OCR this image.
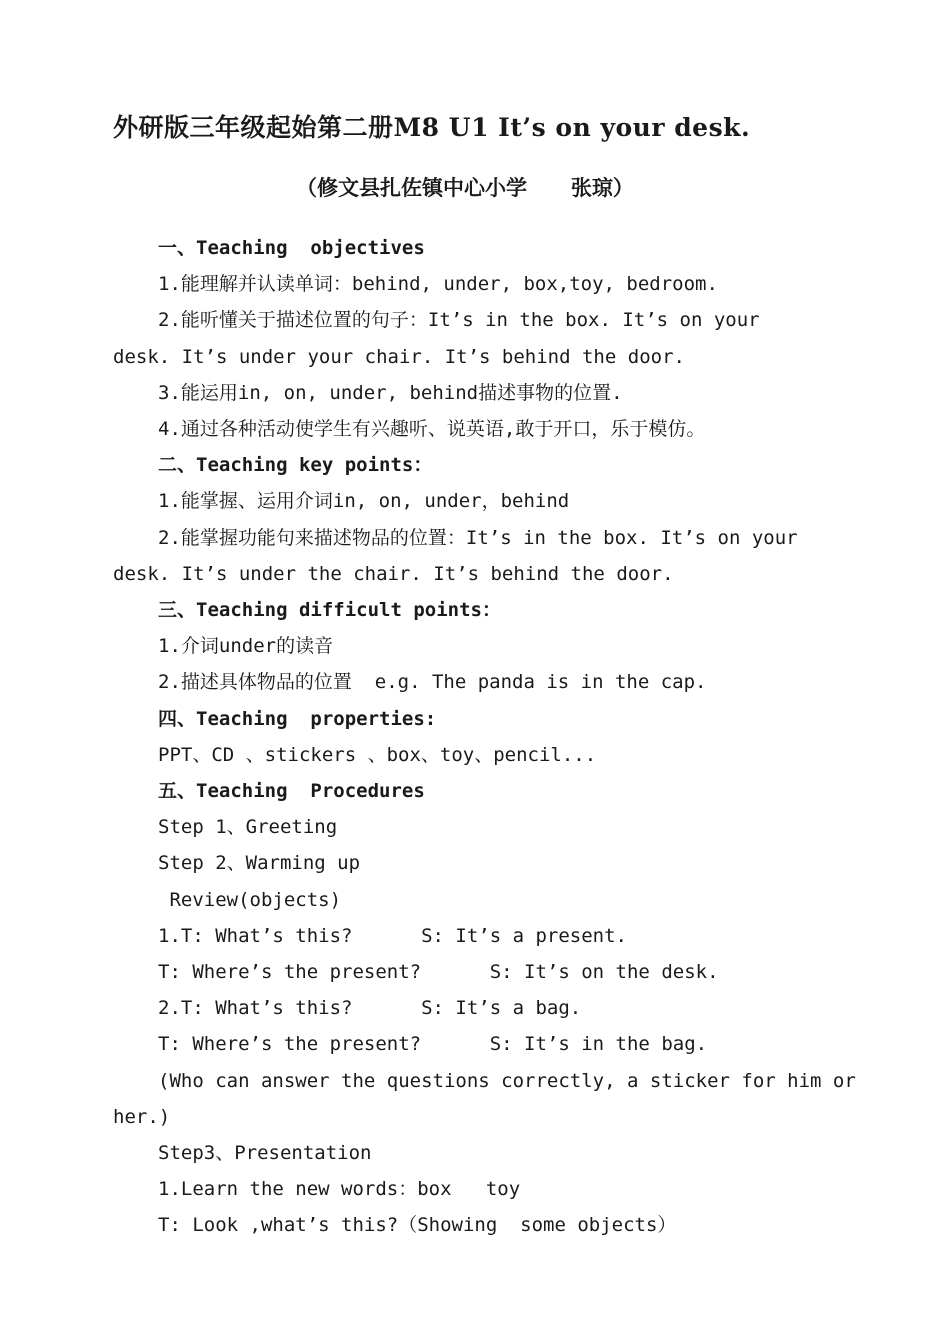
外研版三年级起始第二册M8 U1 It’s on your desk.
（修文县扎佐镇中心小学      张琼）
一、Teaching  objectives
1.能理解并认读单词：behind, under, box,toy, bedroom.
2.能听懂关于描述位置的句子：It’s in the box. It’s on your
desk. It’s under your chair. It’s behind the door.
3.能运用in, on, under, behind描述事物的位置.
4.通过各种活动使学生有兴趣听、说英语,敢于开口，乐于模仿。
二、Teaching key points：
1.能掌握、运用介词in, on, under，behind
2.能掌握功能句来描述物品的位置：It’s in the box. It’s on your
desk. It’s under the chair. It’s behind the door.
三、Teaching difficult points：
1.介词under的读音
2.描述具体物品的位置  e.g. The panda is in the cap.
四、Teaching  properties:
PPT、CD 、stickers 、box、toy、pencil...
五、Teaching  Procedures
Step 1、Greeting
Step 2、Warming up
Review(objects)
1.T: What’s this?      S: It’s a present.
T: Where’s the present?      S: It’s on the desk.
2.T: What’s this?      S: It’s a bag.
T: Where’s the present?      S: It’s in the bag.
(Who can answer the questions correctly, a sticker for him or
her.)
Step3、Presentation
1.Learn the new words：box   toy
T: Look ,what’s this?（Showing  some objects）
